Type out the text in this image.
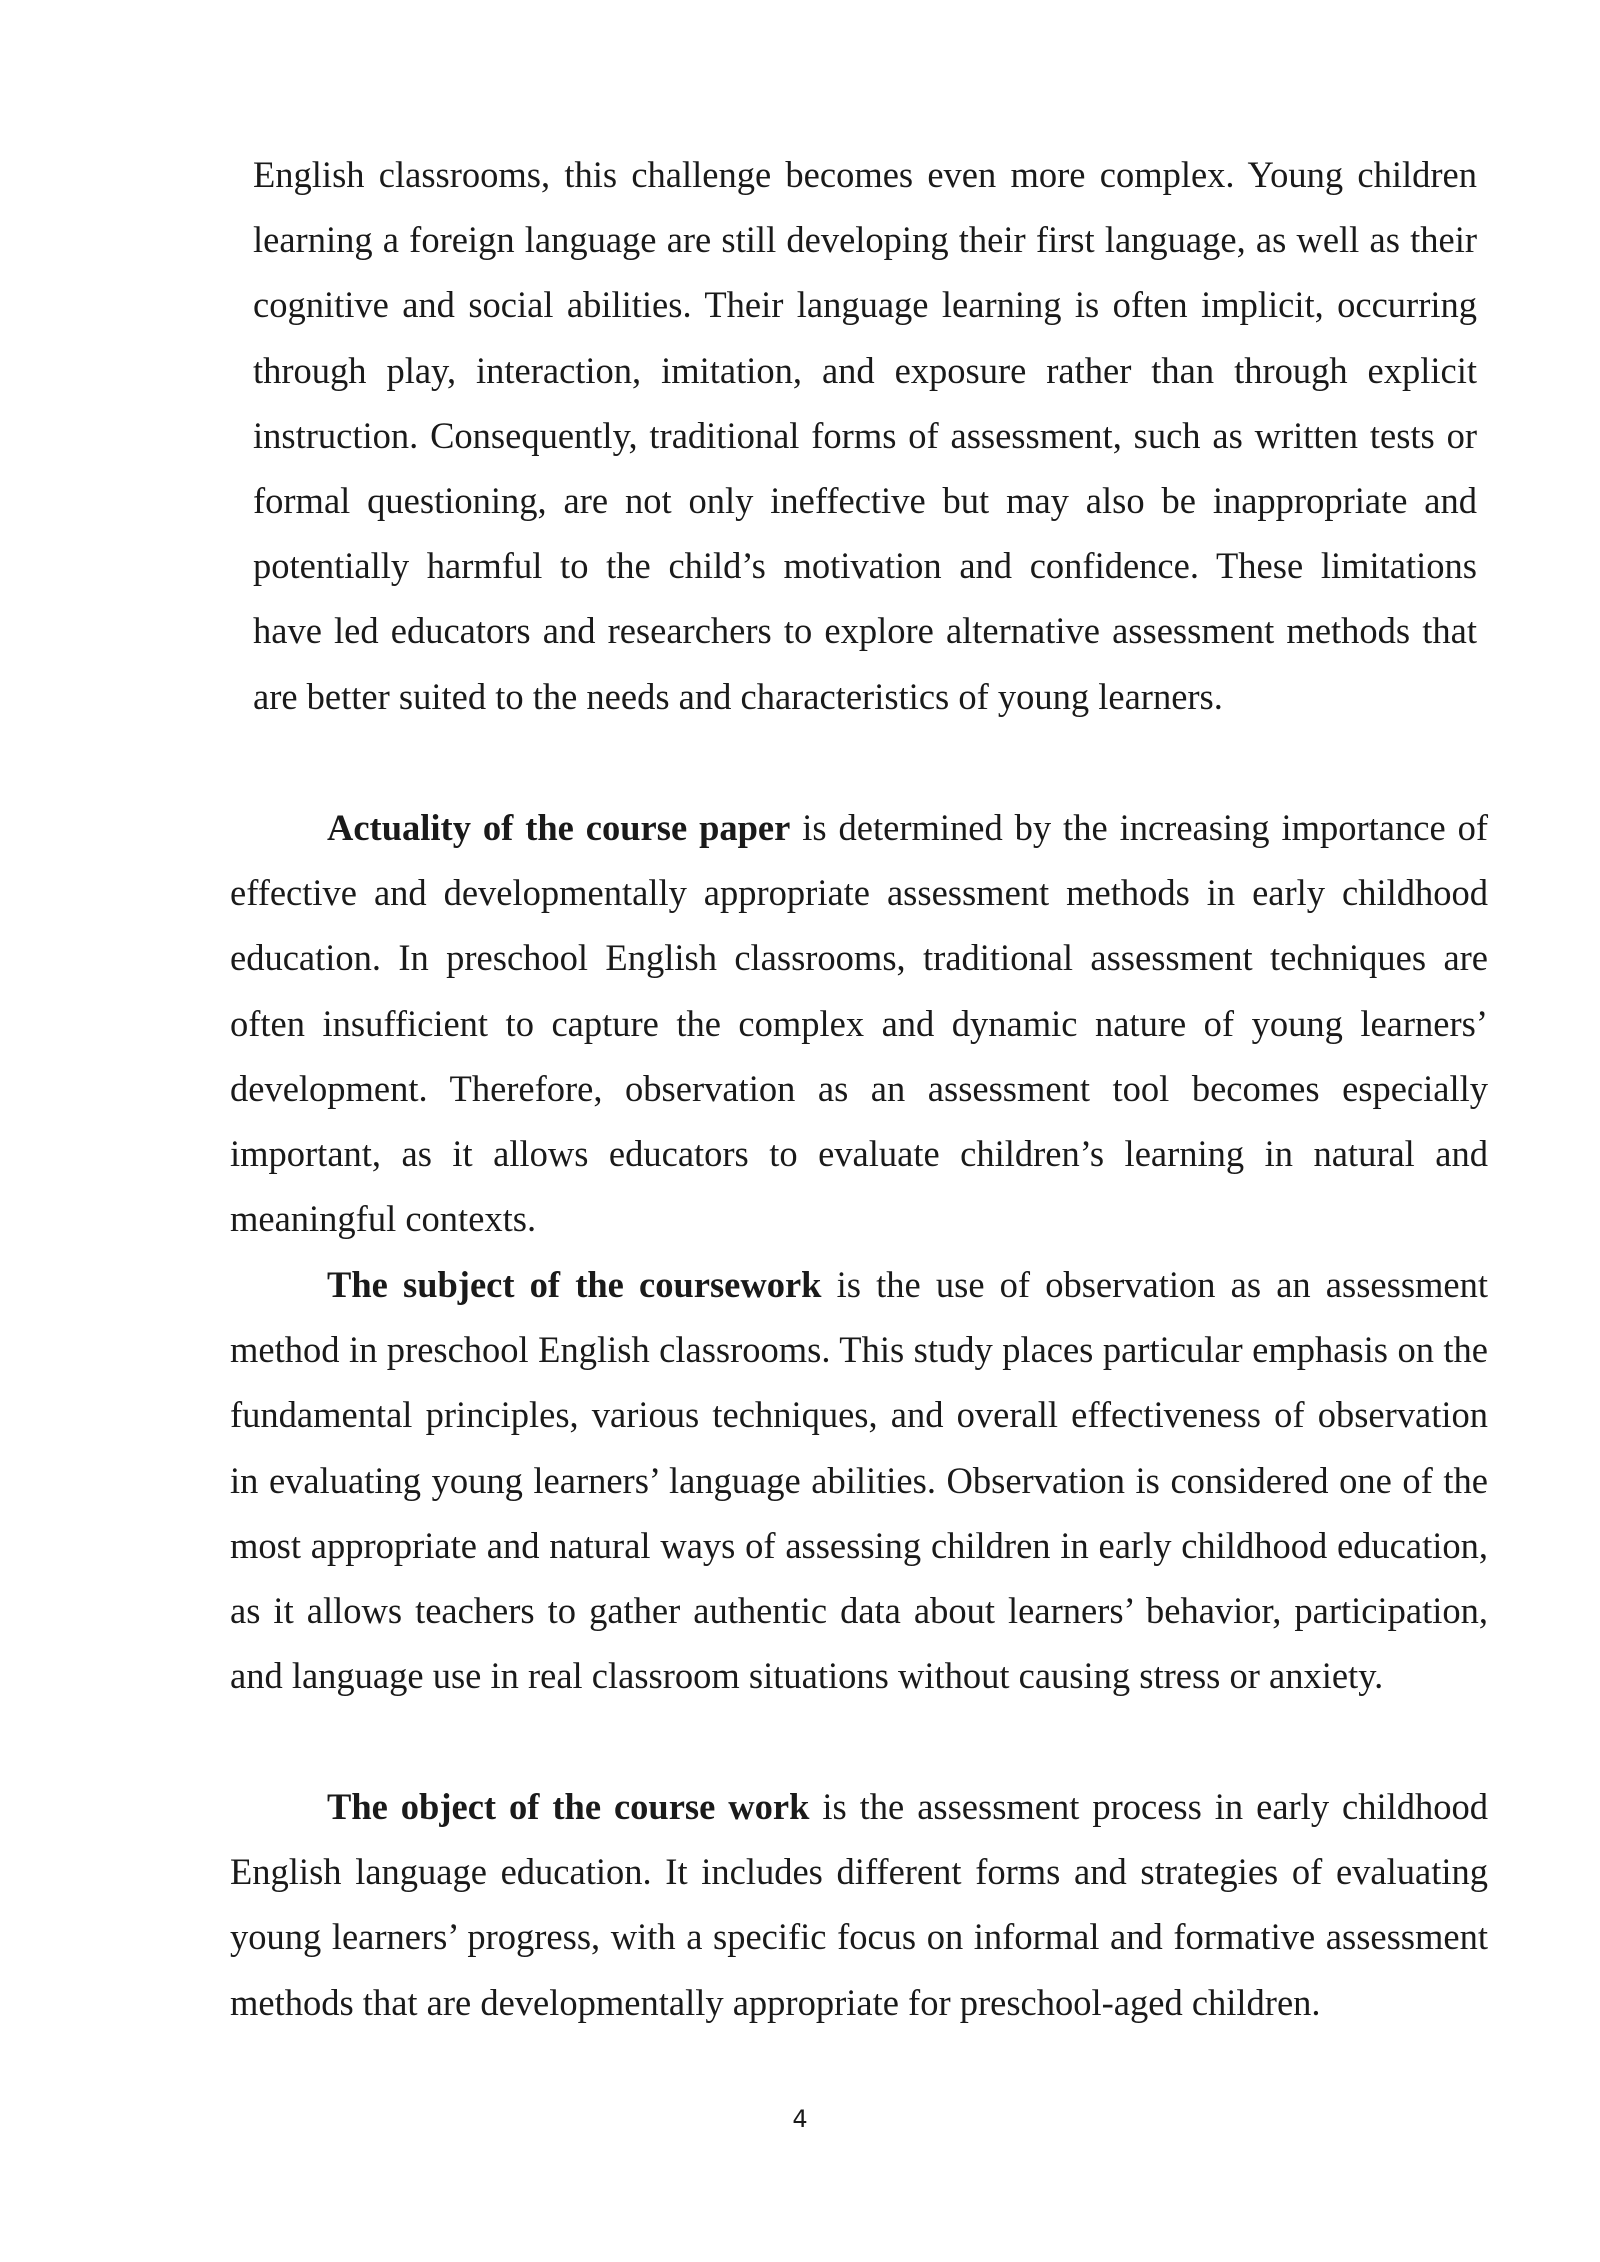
English classrooms, this challenge becomes even more complex. Young children learning a foreign language are still developing their first language, as well as their cognitive and social abilities. Their language learning is often implicit, occurring through play, interaction, imitation, and exposure rather than through explicit instruction. Consequently, traditional forms of assessment, such as written tests or formal questioning, are not only ineffective but may also be inappropriate and potentially harmful to the child’s motivation and confidence. These limitations have led educators and researchers to explore alternative assessment methods that are better suited to the needs and characteristics of young learners.

Actuality of the course paper is determined by the increasing importance of effective and developmentally appropriate assessment methods in early childhood education. In preschool English classrooms, traditional assessment techniques are often insufficient to capture the complex and dynamic nature of young learners’ development. Therefore, observation as an assessment tool becomes especially important, as it allows educators to evaluate children’s learning in natural and meaningful contexts.

The subject of the coursework is the use of observation as an assessment method in preschool English classrooms. This study places particular emphasis on the fundamental principles, various techniques, and overall effectiveness of observation in evaluating young learners’ language abilities. Observation is considered one of the most appropriate and natural ways of assessing children in early childhood education, as it allows teachers to gather authentic data about learners’ behavior, participation, and language use in real classroom situations without causing stress or anxiety.

The object of the course work is the assessment process in early childhood English language education. It includes different forms and strategies of evaluating young learners’ progress, with a specific focus on informal and formative assessment methods that are developmentally appropriate for preschool-aged children.

4
